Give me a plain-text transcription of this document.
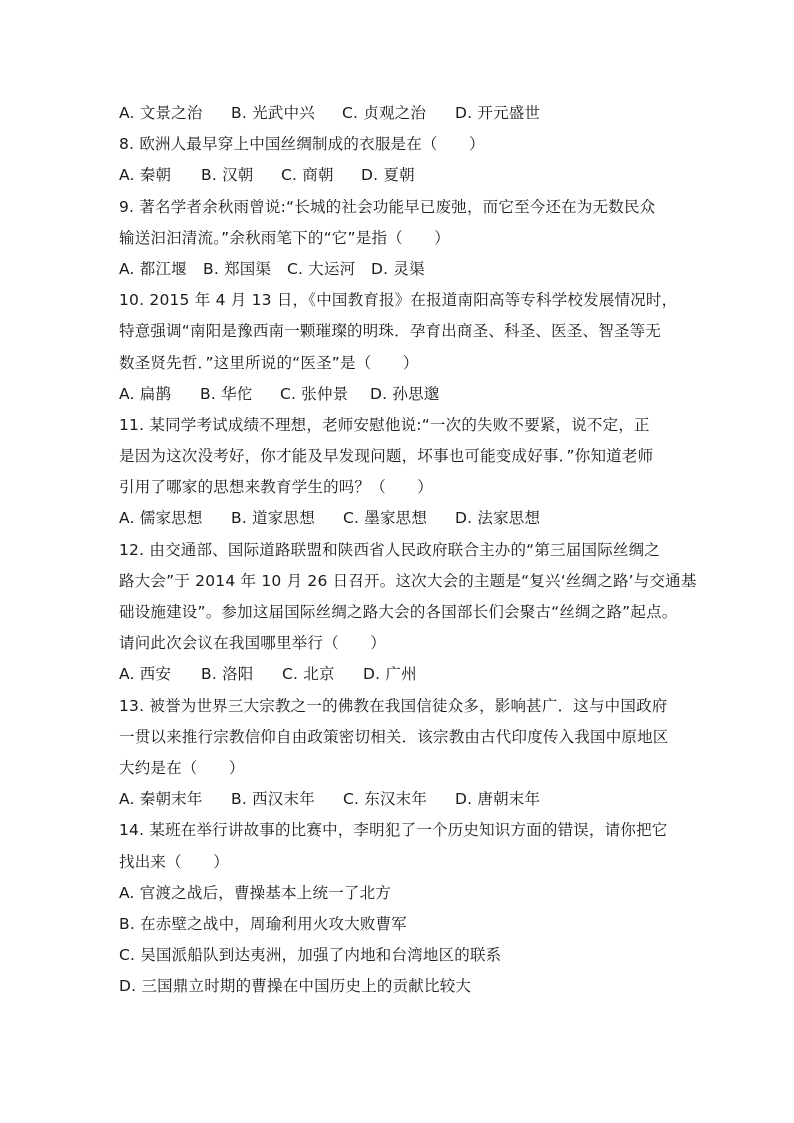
A. 文景之治	B. 光武中兴	C. 贞观之治	D. 开元盛世
8. 欧洲人最早穿上中国丝绸制成的衣服是在（　　）
A. 秦朝	B. 汉朝	C. 商朝	D. 夏朝
9. 著名学者余秋雨曾说:“长城的社会功能早已废弛，而它至今还在为无数民众
输送汩汩清流。”余秋雨笔下的“它”是指（　　）
A. 都江堰	B. 郑国渠	C. 大运河	D. 灵渠
10. 2015 年 4 月 13 日，《中国教育报》在报道南阳高等专科学校发展情况时，
特意强调“南阳是豫西南一颗璀璨的明珠．孕育出商圣、科圣、医圣、智圣等无
数圣贤先哲．”这里所说的“医圣”是（　　）
A. 扁鹊	B. 华佗	C. 张仲景	D. 孙思邈
11. 某同学考试成绩不理想，老师安慰他说:“一次的失败不要紧，说不定，正
是因为这次没考好，你才能及早发现问题，坏事也可能变成好事．”你知道老师
引用了哪家的思想来教育学生的吗？（　　）
A. 儒家思想	B. 道家思想	C. 墨家思想	D. 法家思想
12. 由交通部、国际道路联盟和陕西省人民政府联合主办的“第三届国际丝绸之
路大会”于 2014 年 10 月 26 日召开。这次大会的主题是“复兴‘丝绸之路’与交通基
础设施建设”。参加这届国际丝绸之路大会的各国部长们会聚古“丝绸之路”起点。
请问此次会议在我国哪里举行（　　）
A. 西安	B. 洛阳	C. 北京	D. 广州
13. 被誉为世界三大宗教之一的佛教在我国信徒众多，影响甚广．这与中国政府
一贯以来推行宗教信仰自由政策密切相关．该宗教由古代印度传入我国中原地区
大约是在（　　）
A. 秦朝末年	B. 西汉末年	C. 东汉末年	D. 唐朝末年
14. 某班在举行讲故事的比赛中，李明犯了一个历史知识方面的错误，请你把它
找出来（　　）
A. 官渡之战后，曹操基本上统一了北方
B. 在赤壁之战中，周瑜利用火攻大败曹军
C. 吴国派船队到达夷洲，加强了内地和台湾地区的联系
D. 三国鼎立时期的曹操在中国历史上的贡献比较大
